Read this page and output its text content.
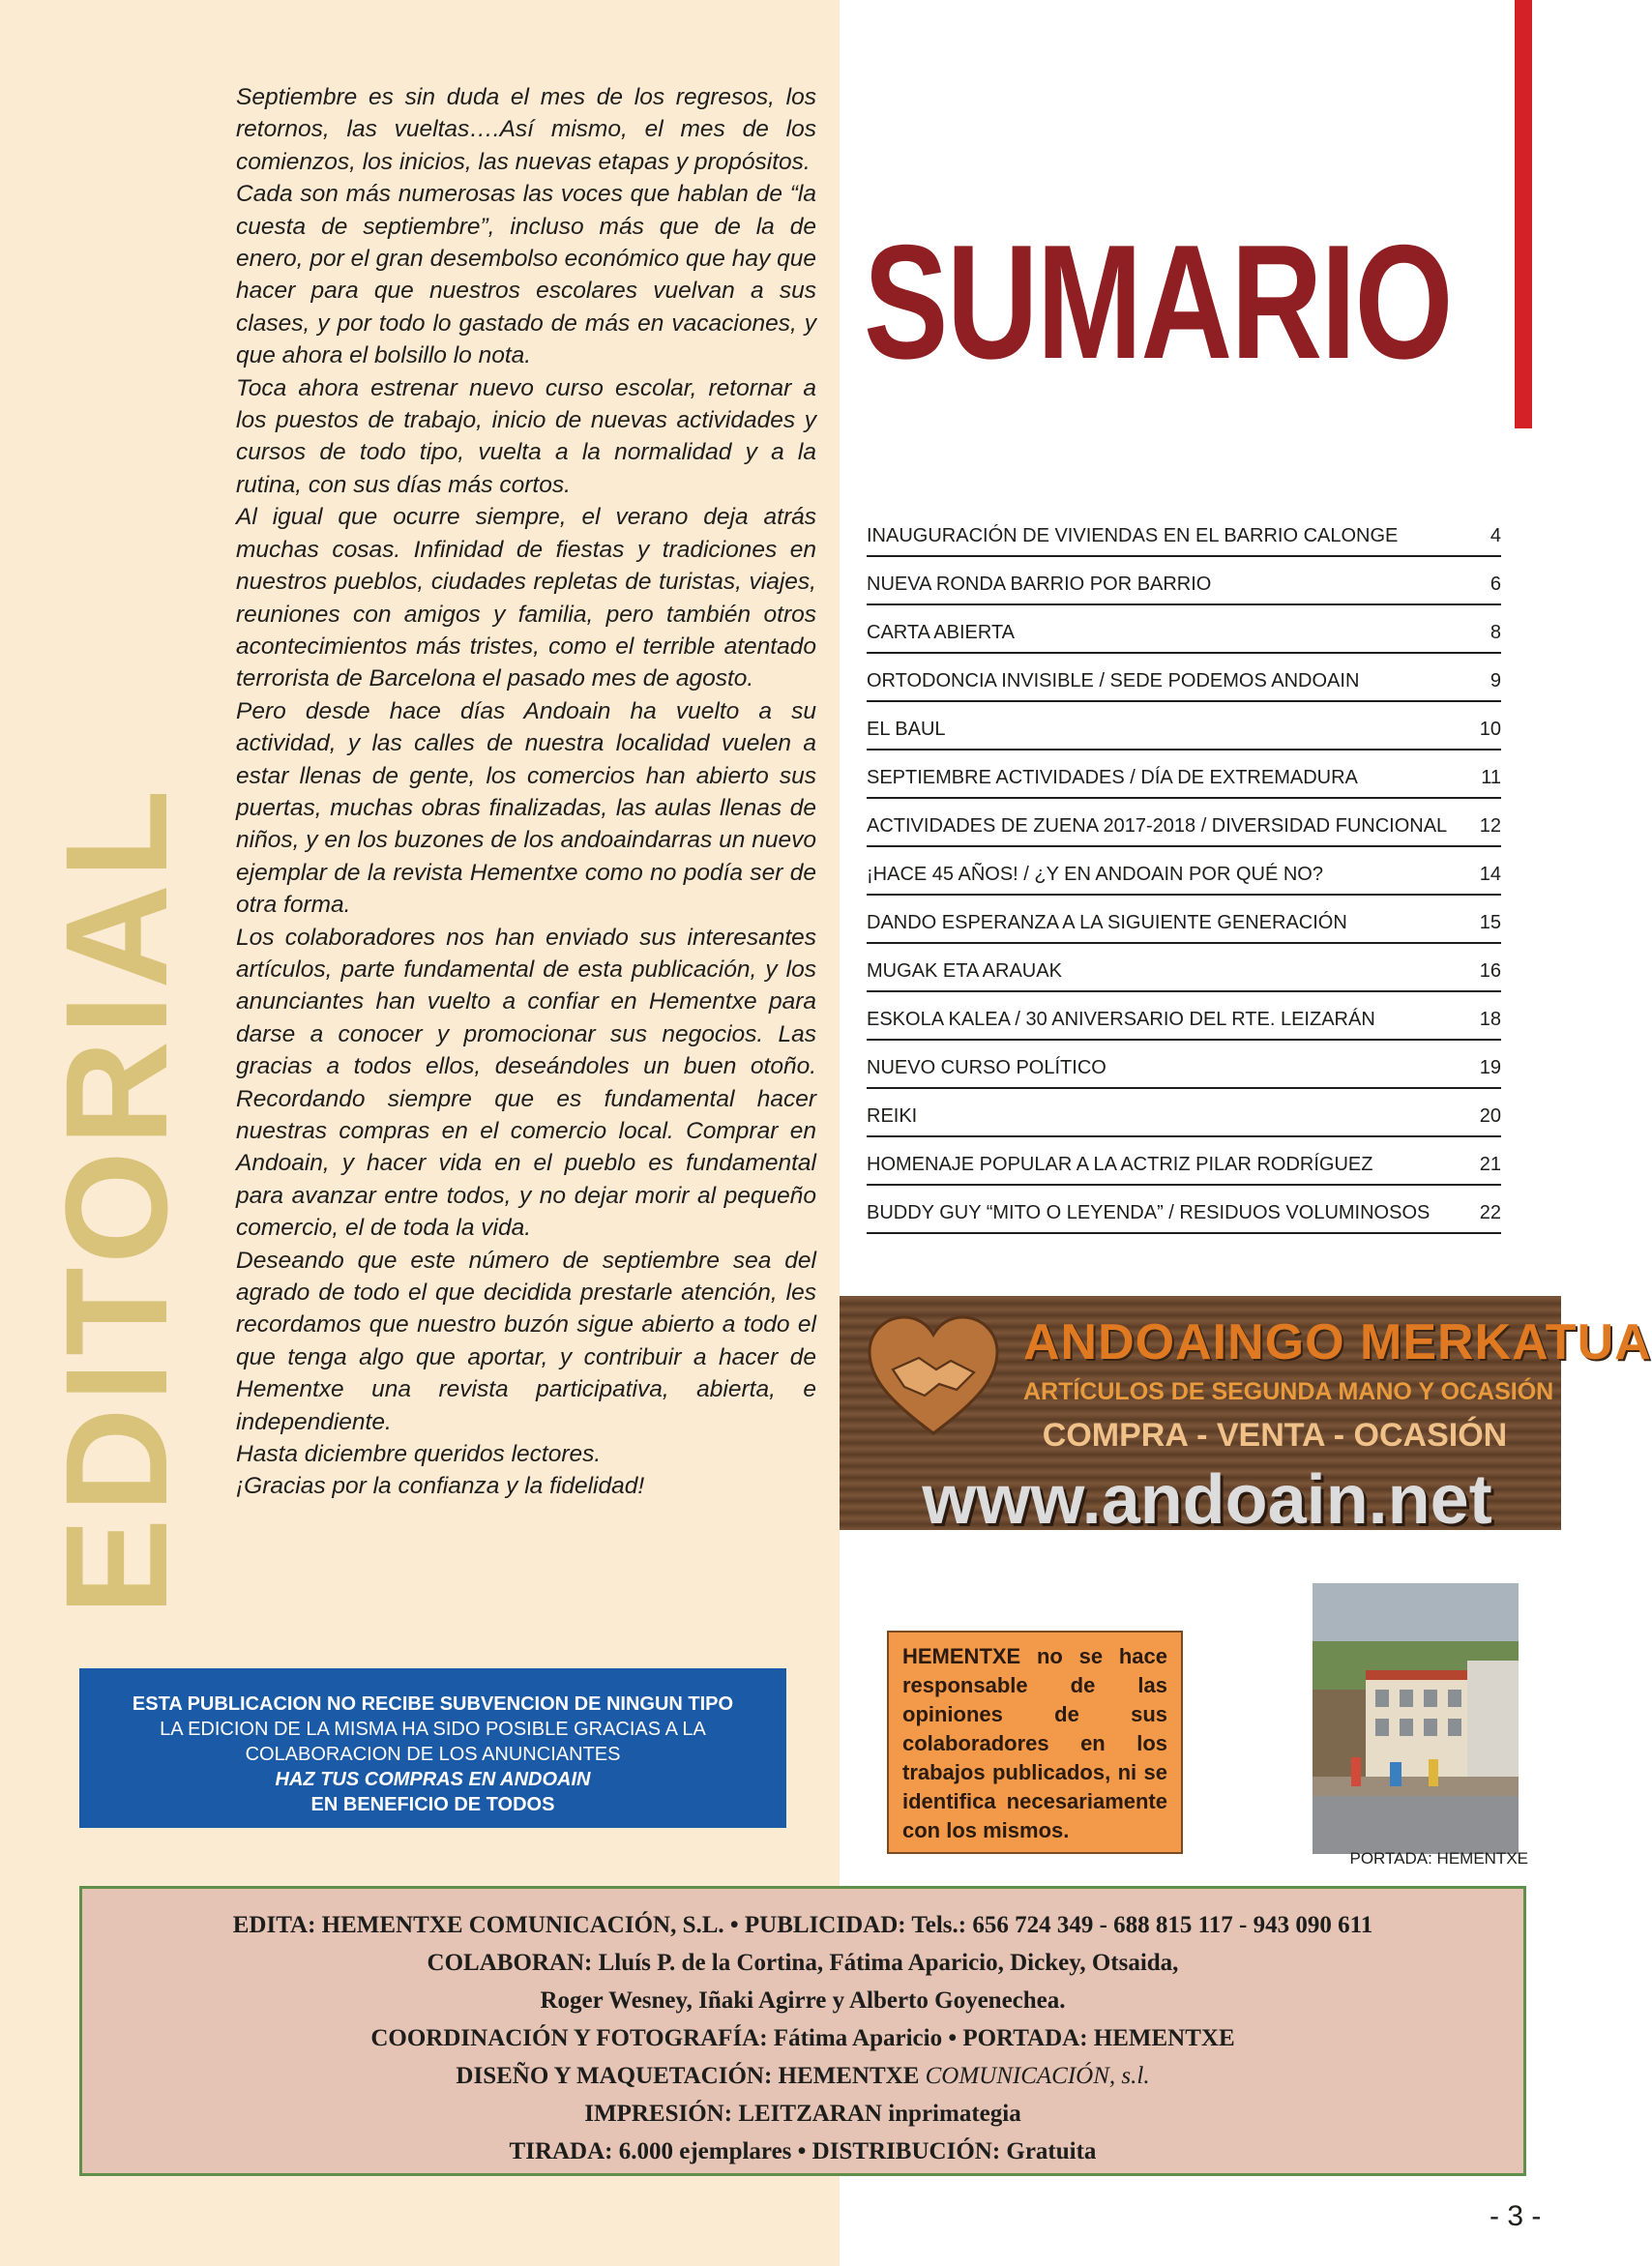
EDITORIAL

Septiembre es sin duda el mes de los regresos, los retornos, las vueltas….Así mismo, el mes de los comienzos, los inicios, las nuevas etapas y propósitos.

Cada son más numerosas las voces que hablan de “la cuesta de septiembre”, incluso más que de la de enero, por el gran desembolso económico que hay que hacer para que nuestros escolares vuelvan a sus clases, y por todo lo gastado de más en vacaciones, y que ahora el bolsillo lo nota.

Toca ahora estrenar nuevo curso escolar, retornar a los puestos de trabajo, inicio de nuevas actividades y cursos de todo tipo, vuelta a la normalidad y a la rutina, con sus días más cortos.

Al igual que ocurre siempre, el verano deja atrás muchas cosas. Infinidad de fiestas y tradiciones en nuestros pueblos, ciudades repletas de turistas, viajes, reuniones con amigos y familia, pero también otros acontecimientos más tristes, como el terrible atentado terrorista de Barcelona el pasado mes de agosto.

Pero desde hace días Andoain ha vuelto a su actividad, y las calles de nuestra localidad vuelen a estar llenas de gente, los comercios han abierto sus puertas, muchas obras finalizadas, las aulas llenas de niños, y en los buzones de los andoaindarras un nuevo ejemplar de la revista Hementxe como no podía ser de otra forma.

Los colaboradores nos han enviado sus interesantes artículos, parte fundamental de esta publicación, y los anunciantes han vuelto a confiar en Hementxe para darse a conocer y promocionar sus negocios. Las gracias a todos ellos, deseándoles un buen otoño. Recordando siempre que es fundamental hacer nuestras compras en el comercio local. Comprar en Andoain, y hacer vida en el pueblo es fundamental para avanzar entre todos, y no dejar morir al pequeño comercio, el de toda la vida.

Deseando que este número de septiembre sea del agrado de todo el que decidida prestarle atención, les recordamos que nuestro buzón sigue abierto a todo el que tenga algo que aportar, y contribuir a hacer de Hementxe una revista participativa, abierta, e independiente.

Hasta diciembre queridos lectores.

¡Gracias por la confianza y la fidelidad!

SUMARIO
INAUGURACIÓN DE VIVIENDAS EN EL BARRIO CALONGE	4
NUEVA RONDA BARRIO POR BARRIO	6
CARTA ABIERTA	8
ORTODONCIA INVISIBLE / SEDE PODEMOS ANDOAIN	9
EL BAUL	10
SEPTIEMBRE ACTIVIDADES / DÍA DE EXTREMADURA	11
ACTIVIDADES DE ZUENA 2017-2018 / DIVERSIDAD FUNCIONAL	12
¡HACE 45 AÑOS! / ¿Y EN ANDOAIN POR QUÉ NO?	14
DANDO ESPERANZA A LA SIGUIENTE GENERACIÓN	15
MUGAK ETA ARAUAK	16
ESKOLA KALEA / 30 ANIVERSARIO DEL RTE. LEIZARÁN	18
NUEVO CURSO POLÍTICO	19
REIKI	20
HOMENAJE POPULAR A LA ACTRIZ PILAR RODRÍGUEZ	21
BUDDY GUY “MITO O LEYENDA” / RESIDUOS VOLUMINOSOS	22
ANDOAINGO MERKATUA
ARTÍCULOS DE SEGUNDA MANO Y OCASIÓN
COMPRA - VENTA - OCASIÓN
www.andoain.net
ESTA PUBLICACION NO RECIBE SUBVENCION DE NINGUN TIPO
LA EDICION DE LA MISMA HA SIDO POSIBLE GRACIAS A LA
COLABORACION DE LOS ANUNCIANTES
HAZ TUS COMPRAS EN ANDOAIN
EN BENEFICIO DE TODOS
HEMENTXE no se hace responsable de las opiniones de sus colaboradores en los trabajos publicados, ni se identifica necesariamente con los mismos.
PORTADA: HEMENTXE
EDITA: HEMENTXE COMUNICACIÓN, S.L. • PUBLICIDAD: Tels.: 656 724 349 - 688 815 117 - 943 090 611
COLABORAN: Lluís P. de la Cortina, Fátima Aparicio, Dickey, Otsaida,
Roger Wesney, Iñaki Agirre y Alberto Goyenechea.
COORDINACIÓN Y FOTOGRAFÍA: Fátima Aparicio • PORTADA: HEMENTXE
DISEÑO Y MAQUETACIÓN: HEMENTXE COMUNICACIÓN, s.l.
IMPRESIÓN: LEITZARAN inprimategia
TIRADA: 6.000 ejemplares • DISTRIBUCIÓN: Gratuita
- 3 -
